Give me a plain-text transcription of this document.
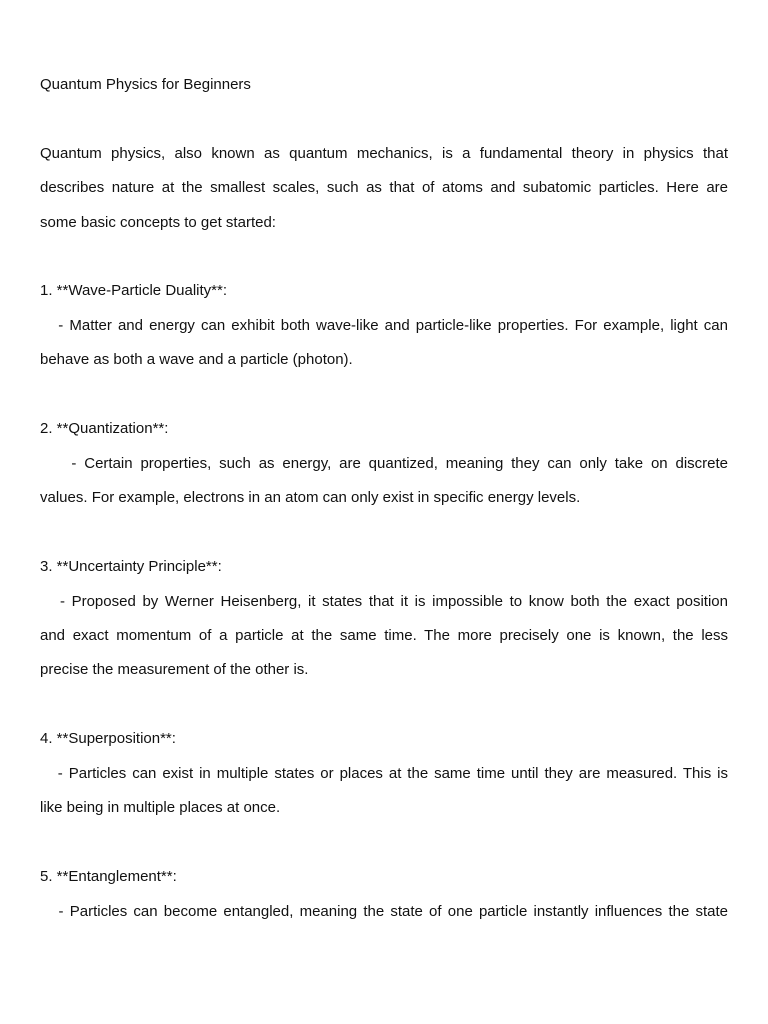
Quantum Physics for Beginners
Quantum physics, also known as quantum mechanics, is a fundamental theory in physics that
describes nature at the smallest scales, such as that of atoms and subatomic particles. Here are
some basic concepts to get started:
1. **Wave-Particle Duality**:
- Matter and energy can exhibit both wave-like and particle-like properties. For example, light can
behave as both a wave and a particle (photon).
2. **Quantization**:
- Certain properties, such as energy, are quantized, meaning they can only take on discrete
values. For example, electrons in an atom can only exist in specific energy levels.
3. **Uncertainty Principle**:
- Proposed by Werner Heisenberg, it states that it is impossible to know both the exact position
and exact momentum of a particle at the same time. The more precisely one is known, the less
precise the measurement of the other is.
4. **Superposition**:
- Particles can exist in multiple states or places at the same time until they are measured. This is
like being in multiple places at once.
5. **Entanglement**:
- Particles can become entangled, meaning the state of one particle instantly influences the state
